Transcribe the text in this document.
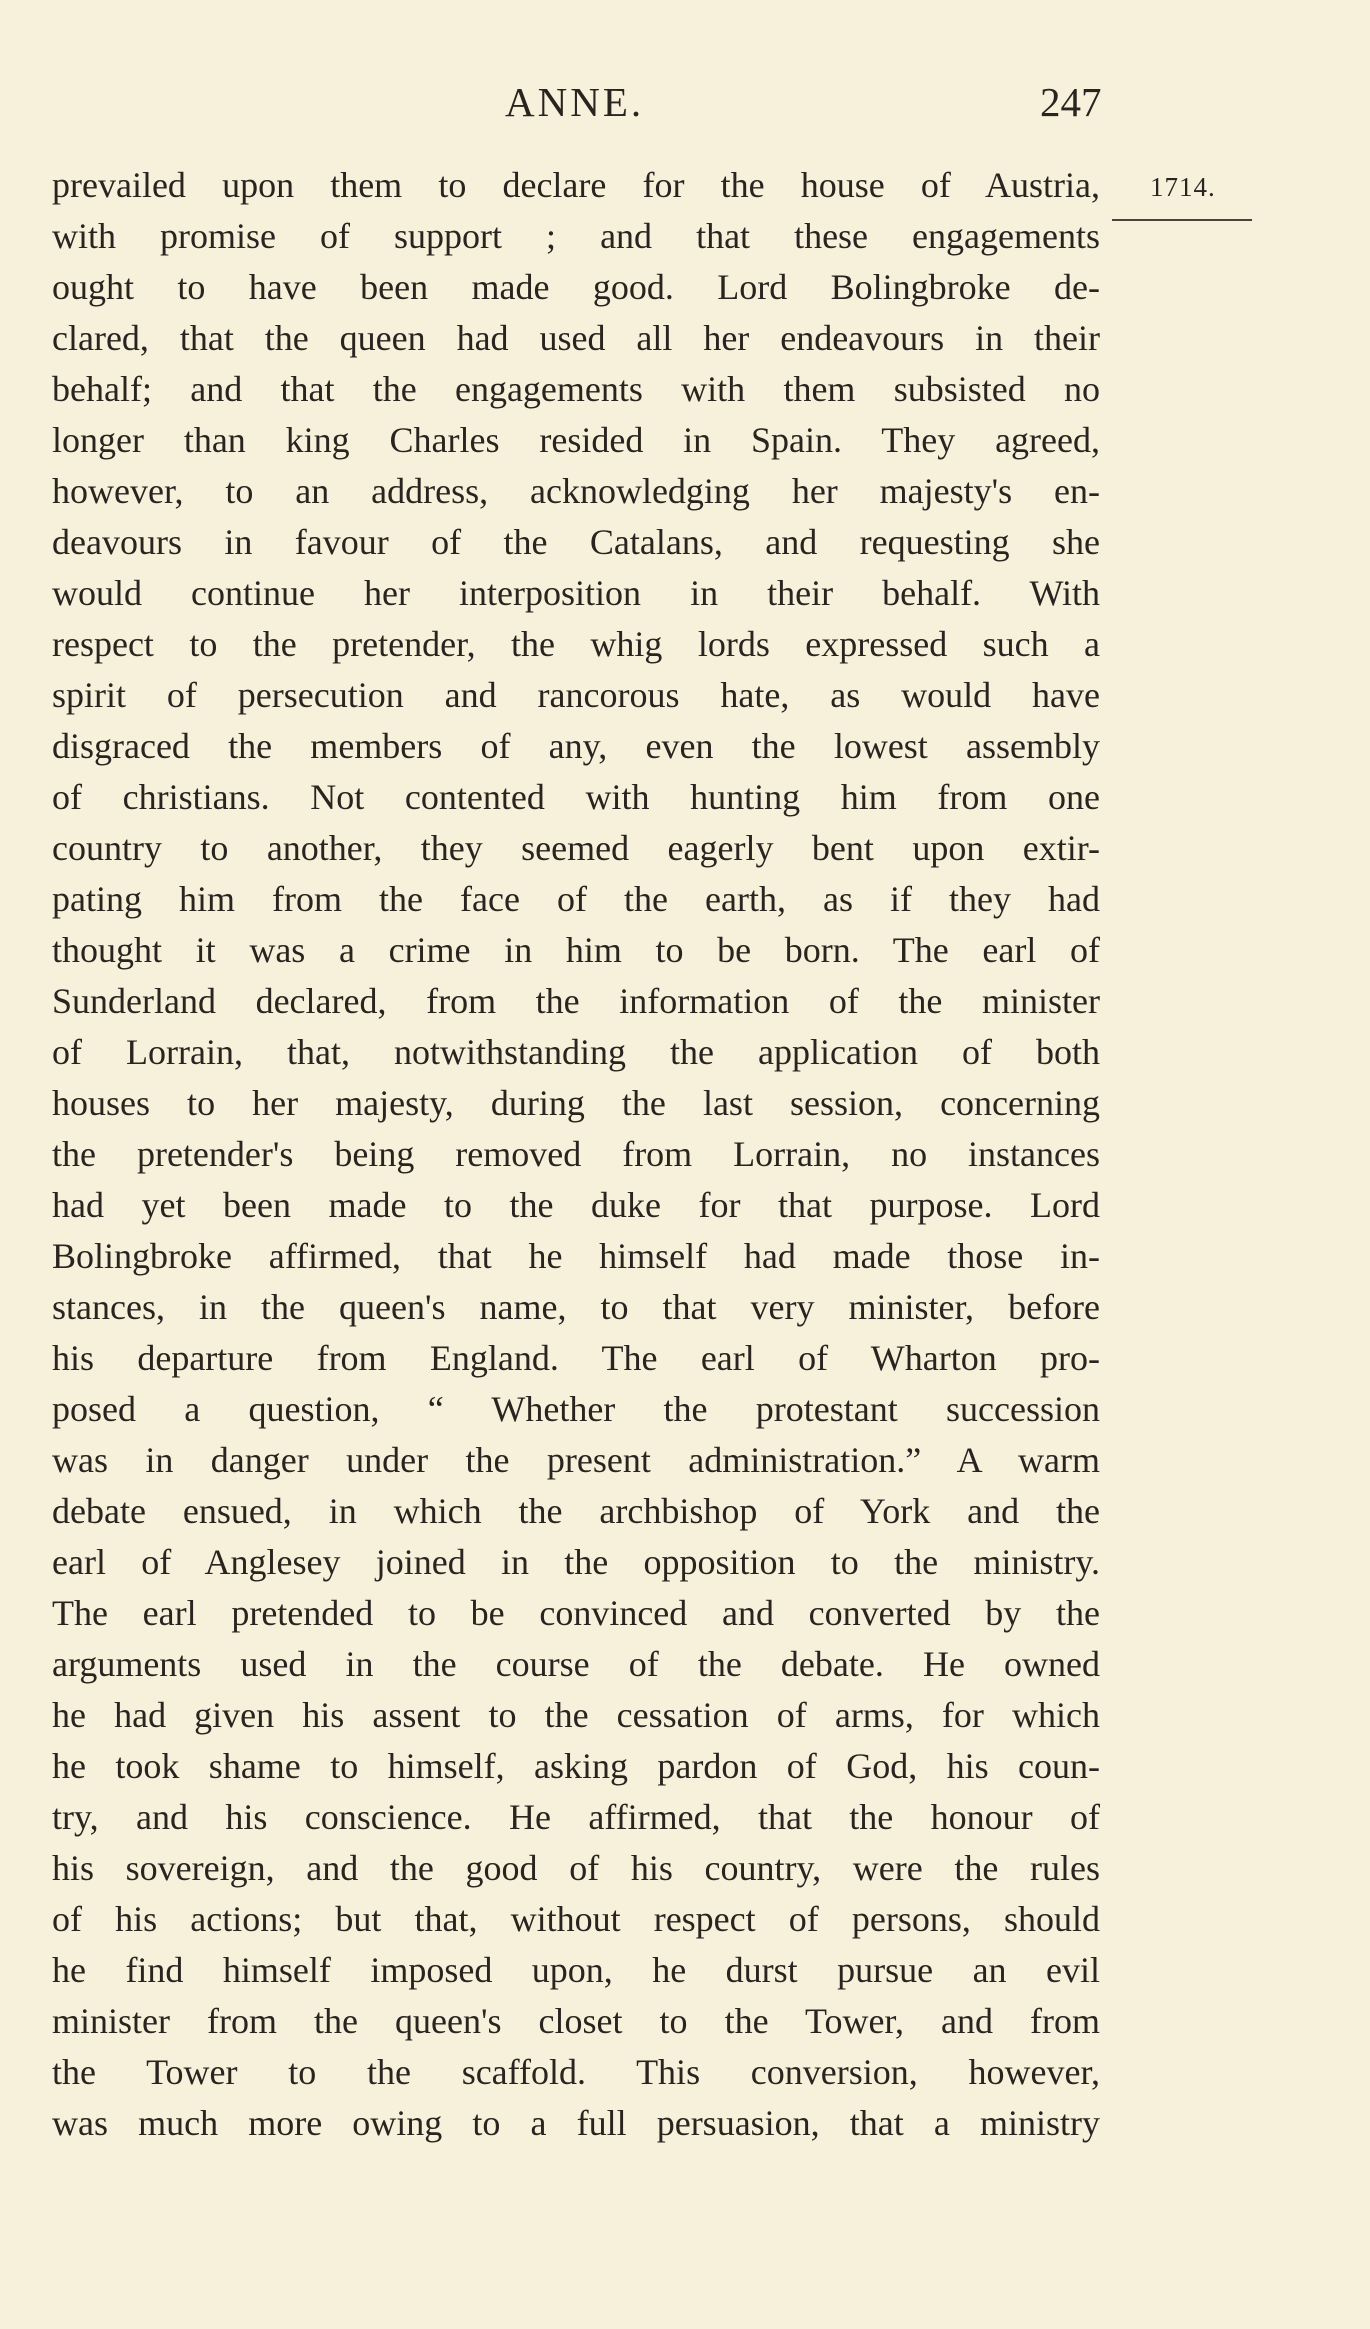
ANNE.	247
1714.
prevailed upon them to declare for the house of Austria,
with promise of support ; and that these engagements
ought to have been made good. Lord Bolingbroke de-
clared, that the queen had used all her endeavours in their
behalf; and that the engagements with them subsisted no
longer than king Charles resided in Spain. They agreed,
however, to an address, acknowledging her majesty's en-
deavours in favour of the Catalans, and requesting she
would continue her interposition in their behalf. With
respect to the pretender, the whig lords expressed such a
spirit of persecution and rancorous hate, as would have
disgraced the members of any, even the lowest assembly
of christians. Not contented with hunting him from one
country to another, they seemed eagerly bent upon extir-
pating him from the face of the earth, as if they had
thought it was a crime in him to be born. The earl of
Sunderland declared, from the information of the minister
of Lorrain, that, notwithstanding the application of both
houses to her majesty, during the last session, concerning
the pretender's being removed from Lorrain, no instances
had yet been made to the duke for that purpose. Lord
Bolingbroke affirmed, that he himself had made those in-
stances, in the queen's name, to that very minister, before
his departure from England. The earl of Wharton pro-
posed a question, “ Whether the protestant succession
was in danger under the present administration.” A warm
debate ensued, in which the archbishop of York and the
earl of Anglesey joined in the opposition to the ministry.
The earl pretended to be convinced and converted by the
arguments used in the course of the debate. He owned
he had given his assent to the cessation of arms, for which
he took shame to himself, asking pardon of God, his coun-
try, and his conscience. He affirmed, that the honour of
his sovereign, and the good of his country, were the rules
of his actions; but that, without respect of persons, should
he find himself imposed upon, he durst pursue an evil
minister from the queen's closet to the Tower, and from
the Tower to the scaffold. This conversion, however,
was much more owing to a full persuasion, that a ministry
